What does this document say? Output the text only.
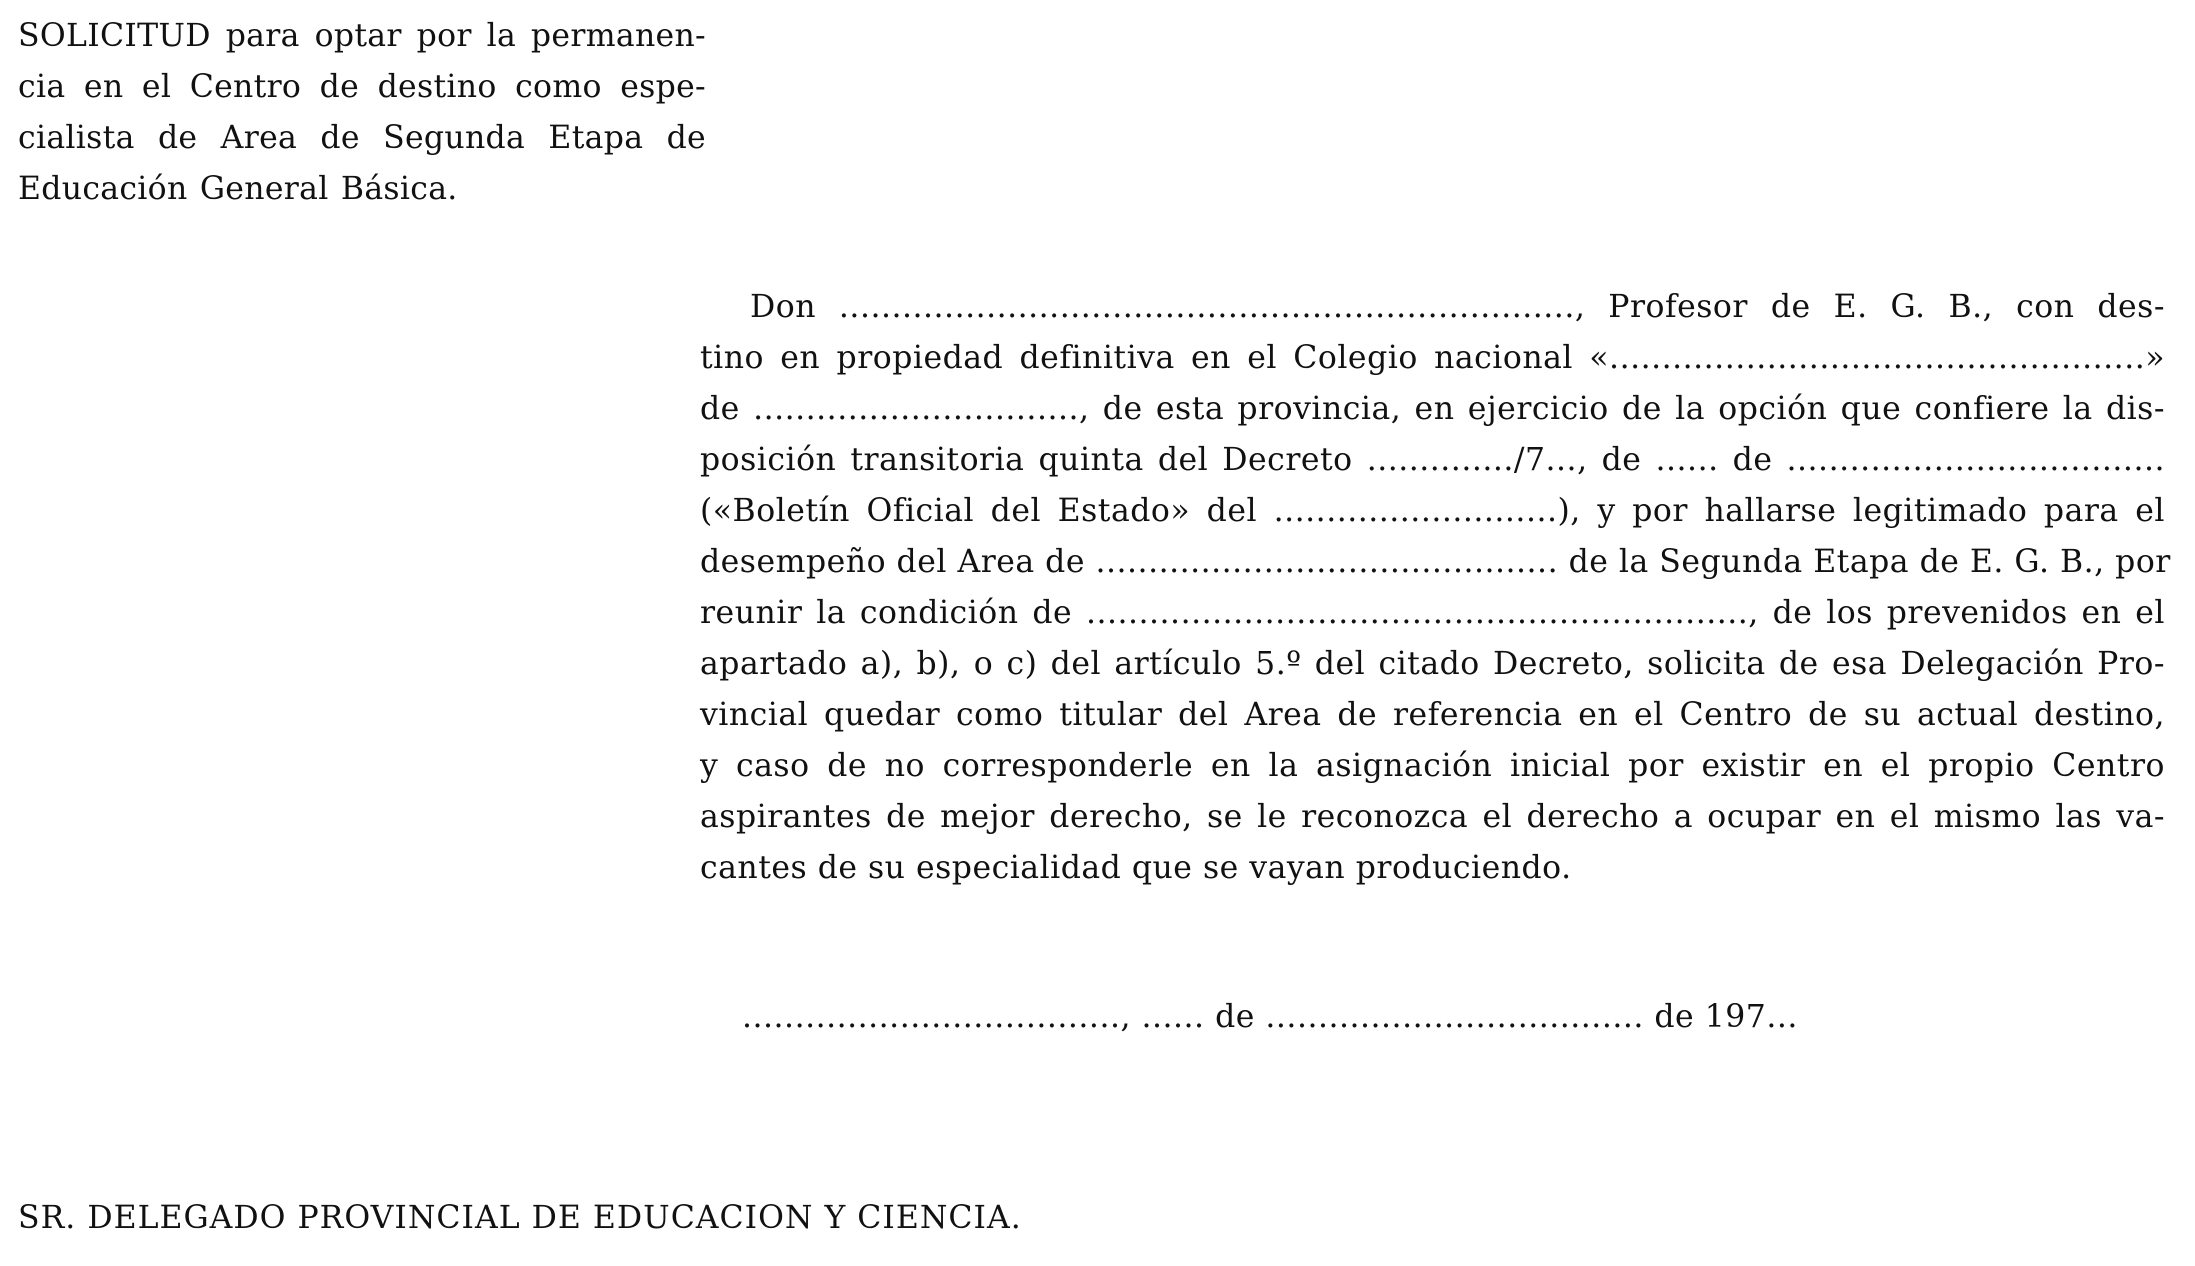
SOLICITUD para optar por la permanen-
cia en el Centro de destino como espe-
cialista de Area de Segunda Etapa de
Educación General Básica.
Don ......................................................................, Profesor de E. G. B., con des-
tino en propiedad definitiva en el Colegio nacional «...................................................»
de ..............................., de esta provincia, en ejercicio de la opción que confiere la dis-
posición transitoria quinta del Decreto ............../7..., de ...... de ....................................
(«Boletín Oficial del Estado» del ...........................), y por hallarse legitimado para el
desempeño del Area de ............................................ de la Segunda Etapa de E. G. B., por
reunir la condición de ..............................................................., de los prevenidos en el
apartado a), b), o c) del artículo 5.º del citado Decreto, solicita de esa Delegación Pro-
vincial quedar como titular del Area de referencia en el Centro de su actual destino,
y caso de no corresponderle en la asignación inicial por existir en el propio Centro
aspirantes de mejor derecho, se le reconozca el derecho a ocupar en el mismo las va-
cantes de su especialidad que se vayan produciendo.
...................................., ...... de .................................... de 197...
SR. DELEGADO PROVINCIAL DE EDUCACION Y CIENCIA.
